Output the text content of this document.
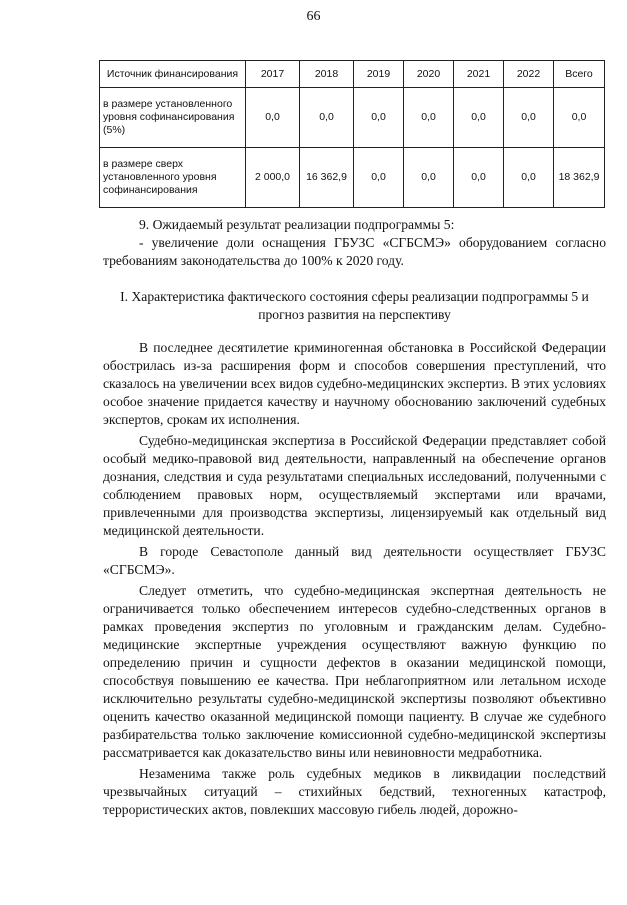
66
Источник финансирования	2017	2018	2019	2020	2021	2022	Всего
в размере установленного уровня софинансирования (5%)	0,0	0,0	0,0	0,0	0,0	0,0	0,0
в размере сверх установленного уровня софинансирования	2 000,0	16 362,9	0,0	0,0	0,0	0,0	18 362,9

9. Ожидаемый результат реализации подпрограммы 5:

- увеличение доли оснащения ГБУЗС «СГБСМЭ» оборудованием согласно требованиям законодательства до 100% к 2020 году.

I. Характеристика фактического состояния сферы реализации подпрограммы 5 и прогноз развития на перспективу

В последнее десятилетие криминогенная обстановка в Российской Федерации обострилась из-за расширения форм и способов совершения преступлений, что сказалось на увеличении всех видов судебно-медицинских экспертиз. В этих условиях особое значение придается качеству и научному обоснованию заключений судебных экспертов, срокам их исполнения.

Судебно-медицинская экспертиза в Российской Федерации представляет собой особый медико-правовой вид деятельности, направленный на обеспечение органов дознания, следствия и суда результатами специальных исследований, полученными с соблюдением правовых норм, осуществляемый экспертами или врачами, привлеченными для производства экспертизы, лицензируемый как отдельный вид медицинской деятельности.

В городе Севастополе данный вид деятельности осуществляет ГБУЗС «СГБСМЭ».

Следует отметить, что судебно-медицинская экспертная деятельность не ограничивается только обеспечением интересов судебно-следственных органов в рамках проведения экспертиз по уголовным и гражданским делам. Судебно-медицинские экспертные учреждения осуществляют важную функцию по определению причин и сущности дефектов в оказании медицинской помощи, способствуя повышению ее качества. При неблагоприятном или летальном исходе исключительно результаты судебно-медицинской экспертизы позволяют объективно оценить качество оказанной медицинской помощи пациенту. В случае же судебного разбирательства только заключение комиссионной судебно-медицинской экспертизы рассматривается как доказательство вины или невиновности медработника.

Незаменима также роль судебных медиков в ликвидации последствий чрезвычайных ситуаций – стихийных бедствий, техногенных катастроф, террористических актов, повлекших массовую гибель людей, дорожно-
